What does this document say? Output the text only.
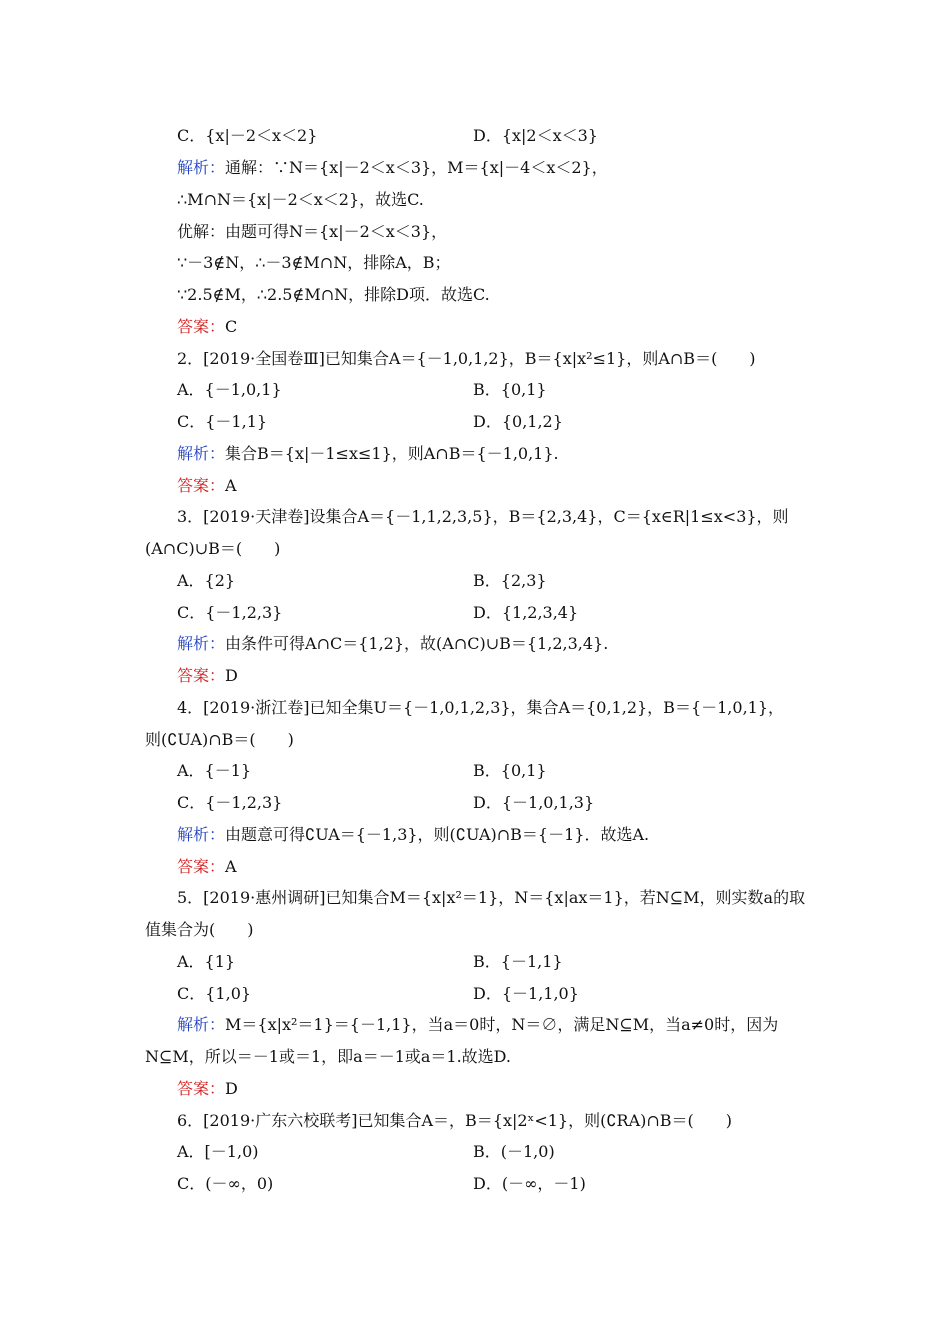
C．{x|－2＜x＜2}	D．{x|2＜x＜3}
解析：通解：∵N＝{x|－2＜x＜3}，M＝{x|－4＜x＜2}，
∴M∩N＝{x|－2＜x＜2}，故选C.
优解：由题可得N＝{x|－2＜x＜3}，
∵－3∉N，∴－3∉M∩N，排除A，B；
∵2.5∉M，∴2.5∉M∩N，排除D项．故选C.
答案：C
2．[2019·全国卷Ⅲ]已知集合A＝{－1,0,1,2}，B＝{x|x²≤1}，则A∩B＝(　　)
A．{－1,0,1}	B．{0,1}
C．{－1,1}	D．{0,1,2}
解析：集合B＝{x|－1≤x≤1}，则A∩B＝{－1,0,1}.
答案：A
3．[2019·天津卷]设集合A＝{－1,1,2,3,5}，B＝{2,3,4}，C＝{x∈R|1≤x<3}，则
(A∩C)∪B＝(　　)
A．{2}	B．{2,3}
C．{－1,2,3}	D．{1,2,3,4}
解析：由条件可得A∩C＝{1,2}，故(A∩C)∪B＝{1,2,3,4}.
答案：D
4．[2019·浙江卷]已知全集U＝{－1,0,1,2,3}，集合A＝{0,1,2}，B＝{－1,0,1}，
则(∁UA)∩B＝(　　)
A．{－1}	B．{0,1}
C．{－1,2,3}	D．{－1,0,1,3}
解析：由题意可得∁UA＝{－1,3}，则(∁UA)∩B＝{－1}．故选A.
答案：A
5．[2019·惠州调研]已知集合M＝{x|x²＝1}，N＝{x|ax＝1}，若N⊆M，则实数a的取
值集合为(　　)
A．{1}	B．{－1,1}
C．{1,0}	D．{－1,1,0}
解析：M＝{x|x²＝1}＝{－1,1}，当a＝0时，N＝∅，满足N⊆M，当a≠0时，因为
N⊆M，所以＝－1或＝1，即a＝－1或a＝1.故选D.
答案：D
6．[2019·广东六校联考]已知集合A＝，B＝{x|2ˣ<1}，则(∁RA)∩B＝(　　)
A．[－1,0)	B．(－1,0)
C．(－∞，0)	D．(－∞，－1)
